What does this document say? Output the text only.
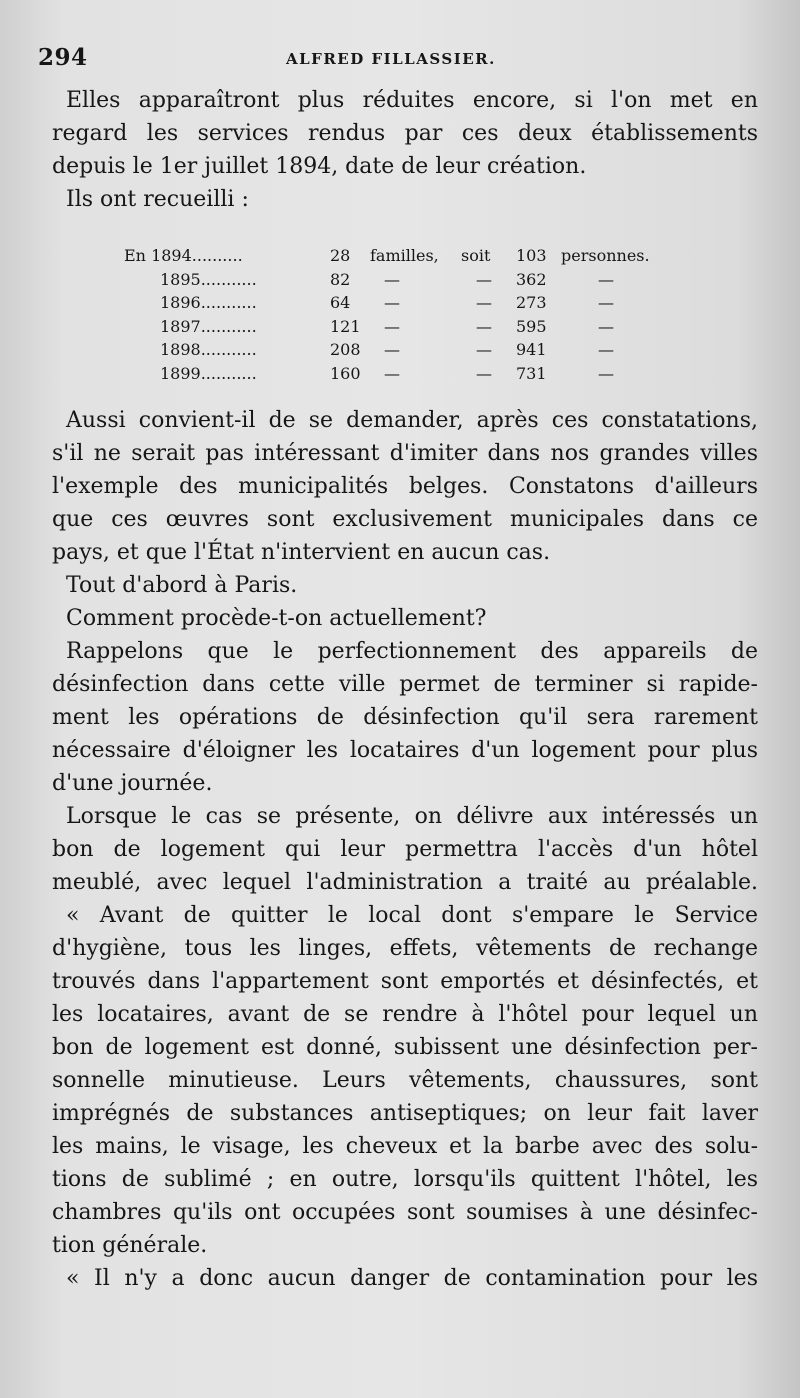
294	ALFRED FILLASSIER.
Elles apparaîtront plus réduites encore, si l'on met en
regard les services rendus par ces deux établissements
depuis le 1er juillet 1894, date de leur création.
Ils ont recueilli :
En 1894..........	28 familles, soit 103 personnes.
1895...........	82 —	— 362	—
1896...........	64 —	— 273	—
1897...........	121 —	— 595	—
1898...........	208 —	— 941	—
1899...........	160 —	— 731	—
Aussi convient-il de se demander, après ces constatations,
s'il ne serait pas intéressant d'imiter dans nos grandes villes
l'exemple des municipalités belges. Constatons d'ailleurs
que ces œuvres sont exclusivement municipales dans ce
pays, et que l'État n'intervient en aucun cas.
Tout d'abord à Paris.
Comment procède-t-on actuellement?
Rappelons que le perfectionnement des appareils de
désinfection dans cette ville permet de terminer si rapide-
ment les opérations de désinfection qu'il sera rarement
nécessaire d'éloigner les locataires d'un logement pour plus
d'une journée.
Lorsque le cas se présente, on délivre aux intéressés un
bon de logement qui leur permettra l'accès d'un hôtel
meublé, avec lequel l'administration a traité au préalable.
« Avant de quitter le local dont s'empare le Service
d'hygiène, tous les linges, effets, vêtements de rechange
trouvés dans l'appartement sont emportés et désinfectés, et
les locataires, avant de se rendre à l'hôtel pour lequel un
bon de logement est donné, subissent une désinfection per-
sonnelle minutieuse. Leurs vêtements, chaussures, sont
imprégnés de substances antiseptiques; on leur fait laver
les mains, le visage, les cheveux et la barbe avec des solu-
tions de sublimé ; en outre, lorsqu'ils quittent l'hôtel, les
chambres qu'ils ont occupées sont soumises à une désinfec-
tion générale.
« Il n'y a donc aucun danger de contamination pour les
